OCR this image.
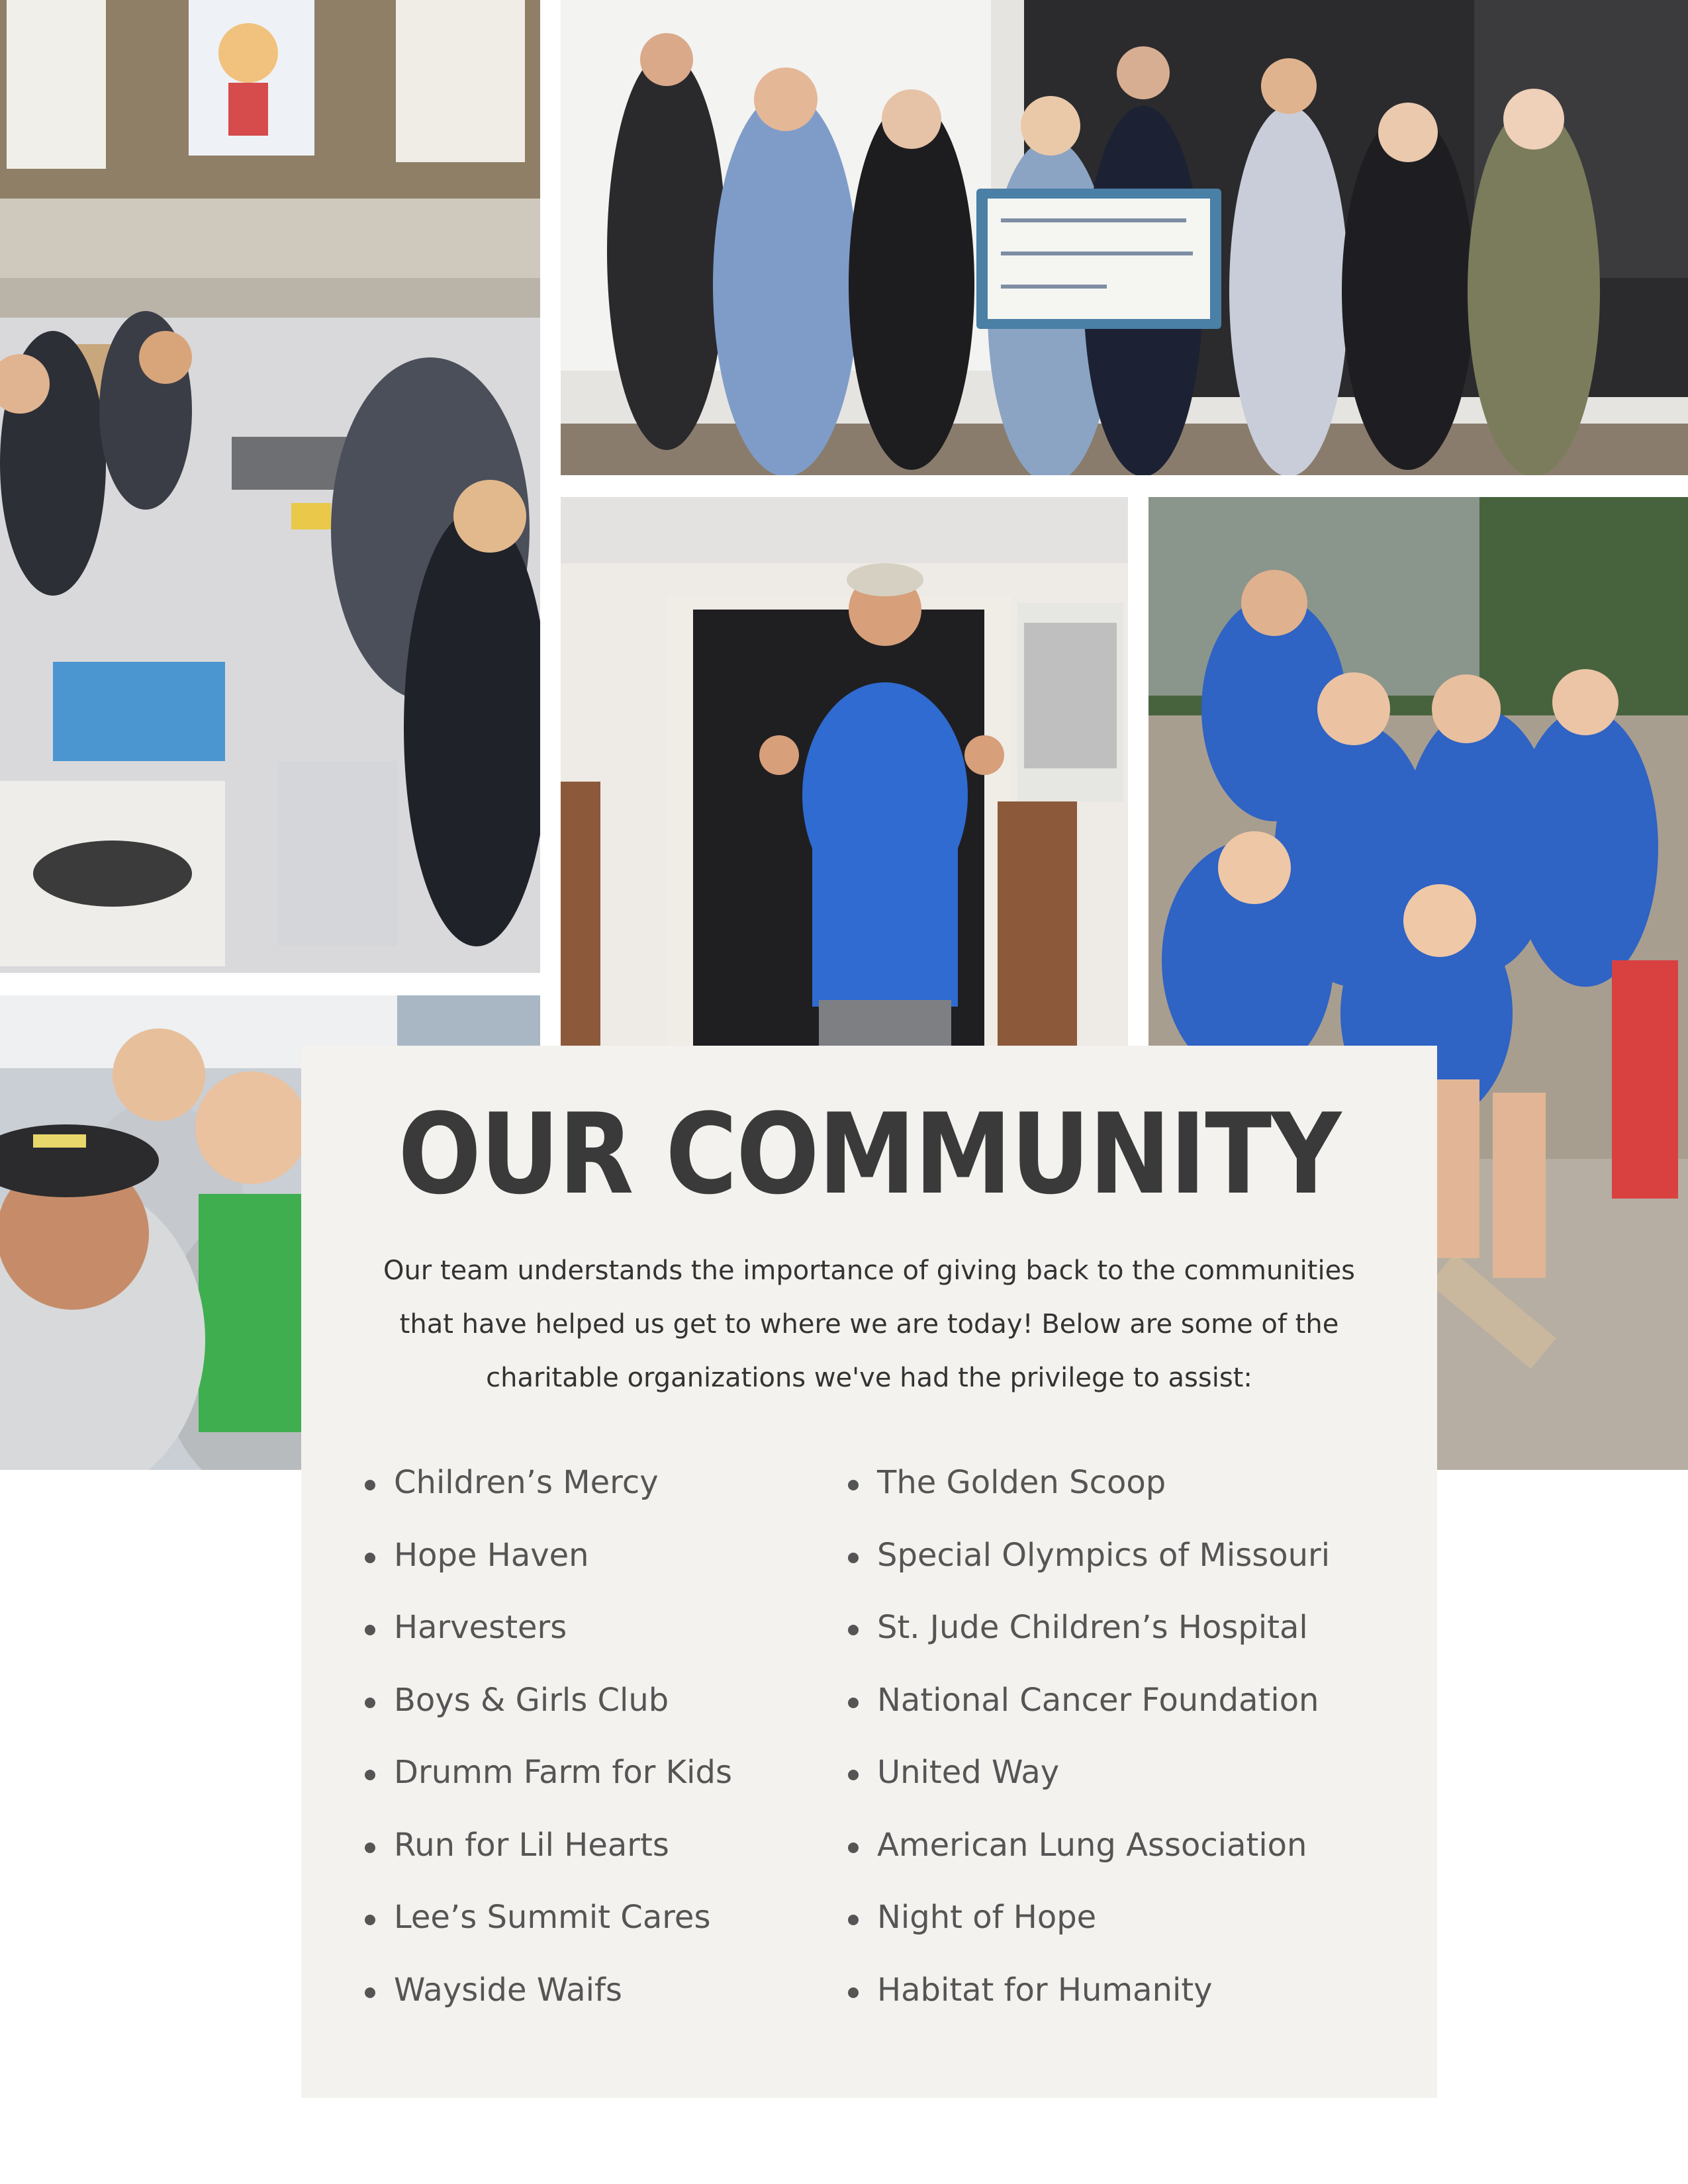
OUR COMMUNITY

Our team understands the importance of giving back to the communities that have helped us get to where we are today! Below are some of the charitable organizations we've had the privilege to assist:

Children’s Mercy
Hope Haven
Harvesters
Boys & Girls Club
Drumm Farm for Kids
Run for Lil Hearts
Lee’s Summit Cares
Wayside Waifs
The Golden Scoop
Special Olympics of Missouri
St. Jude Children’s Hospital
National Cancer Foundation
United Way
American Lung Association
Night of Hope
Habitat for Humanity
